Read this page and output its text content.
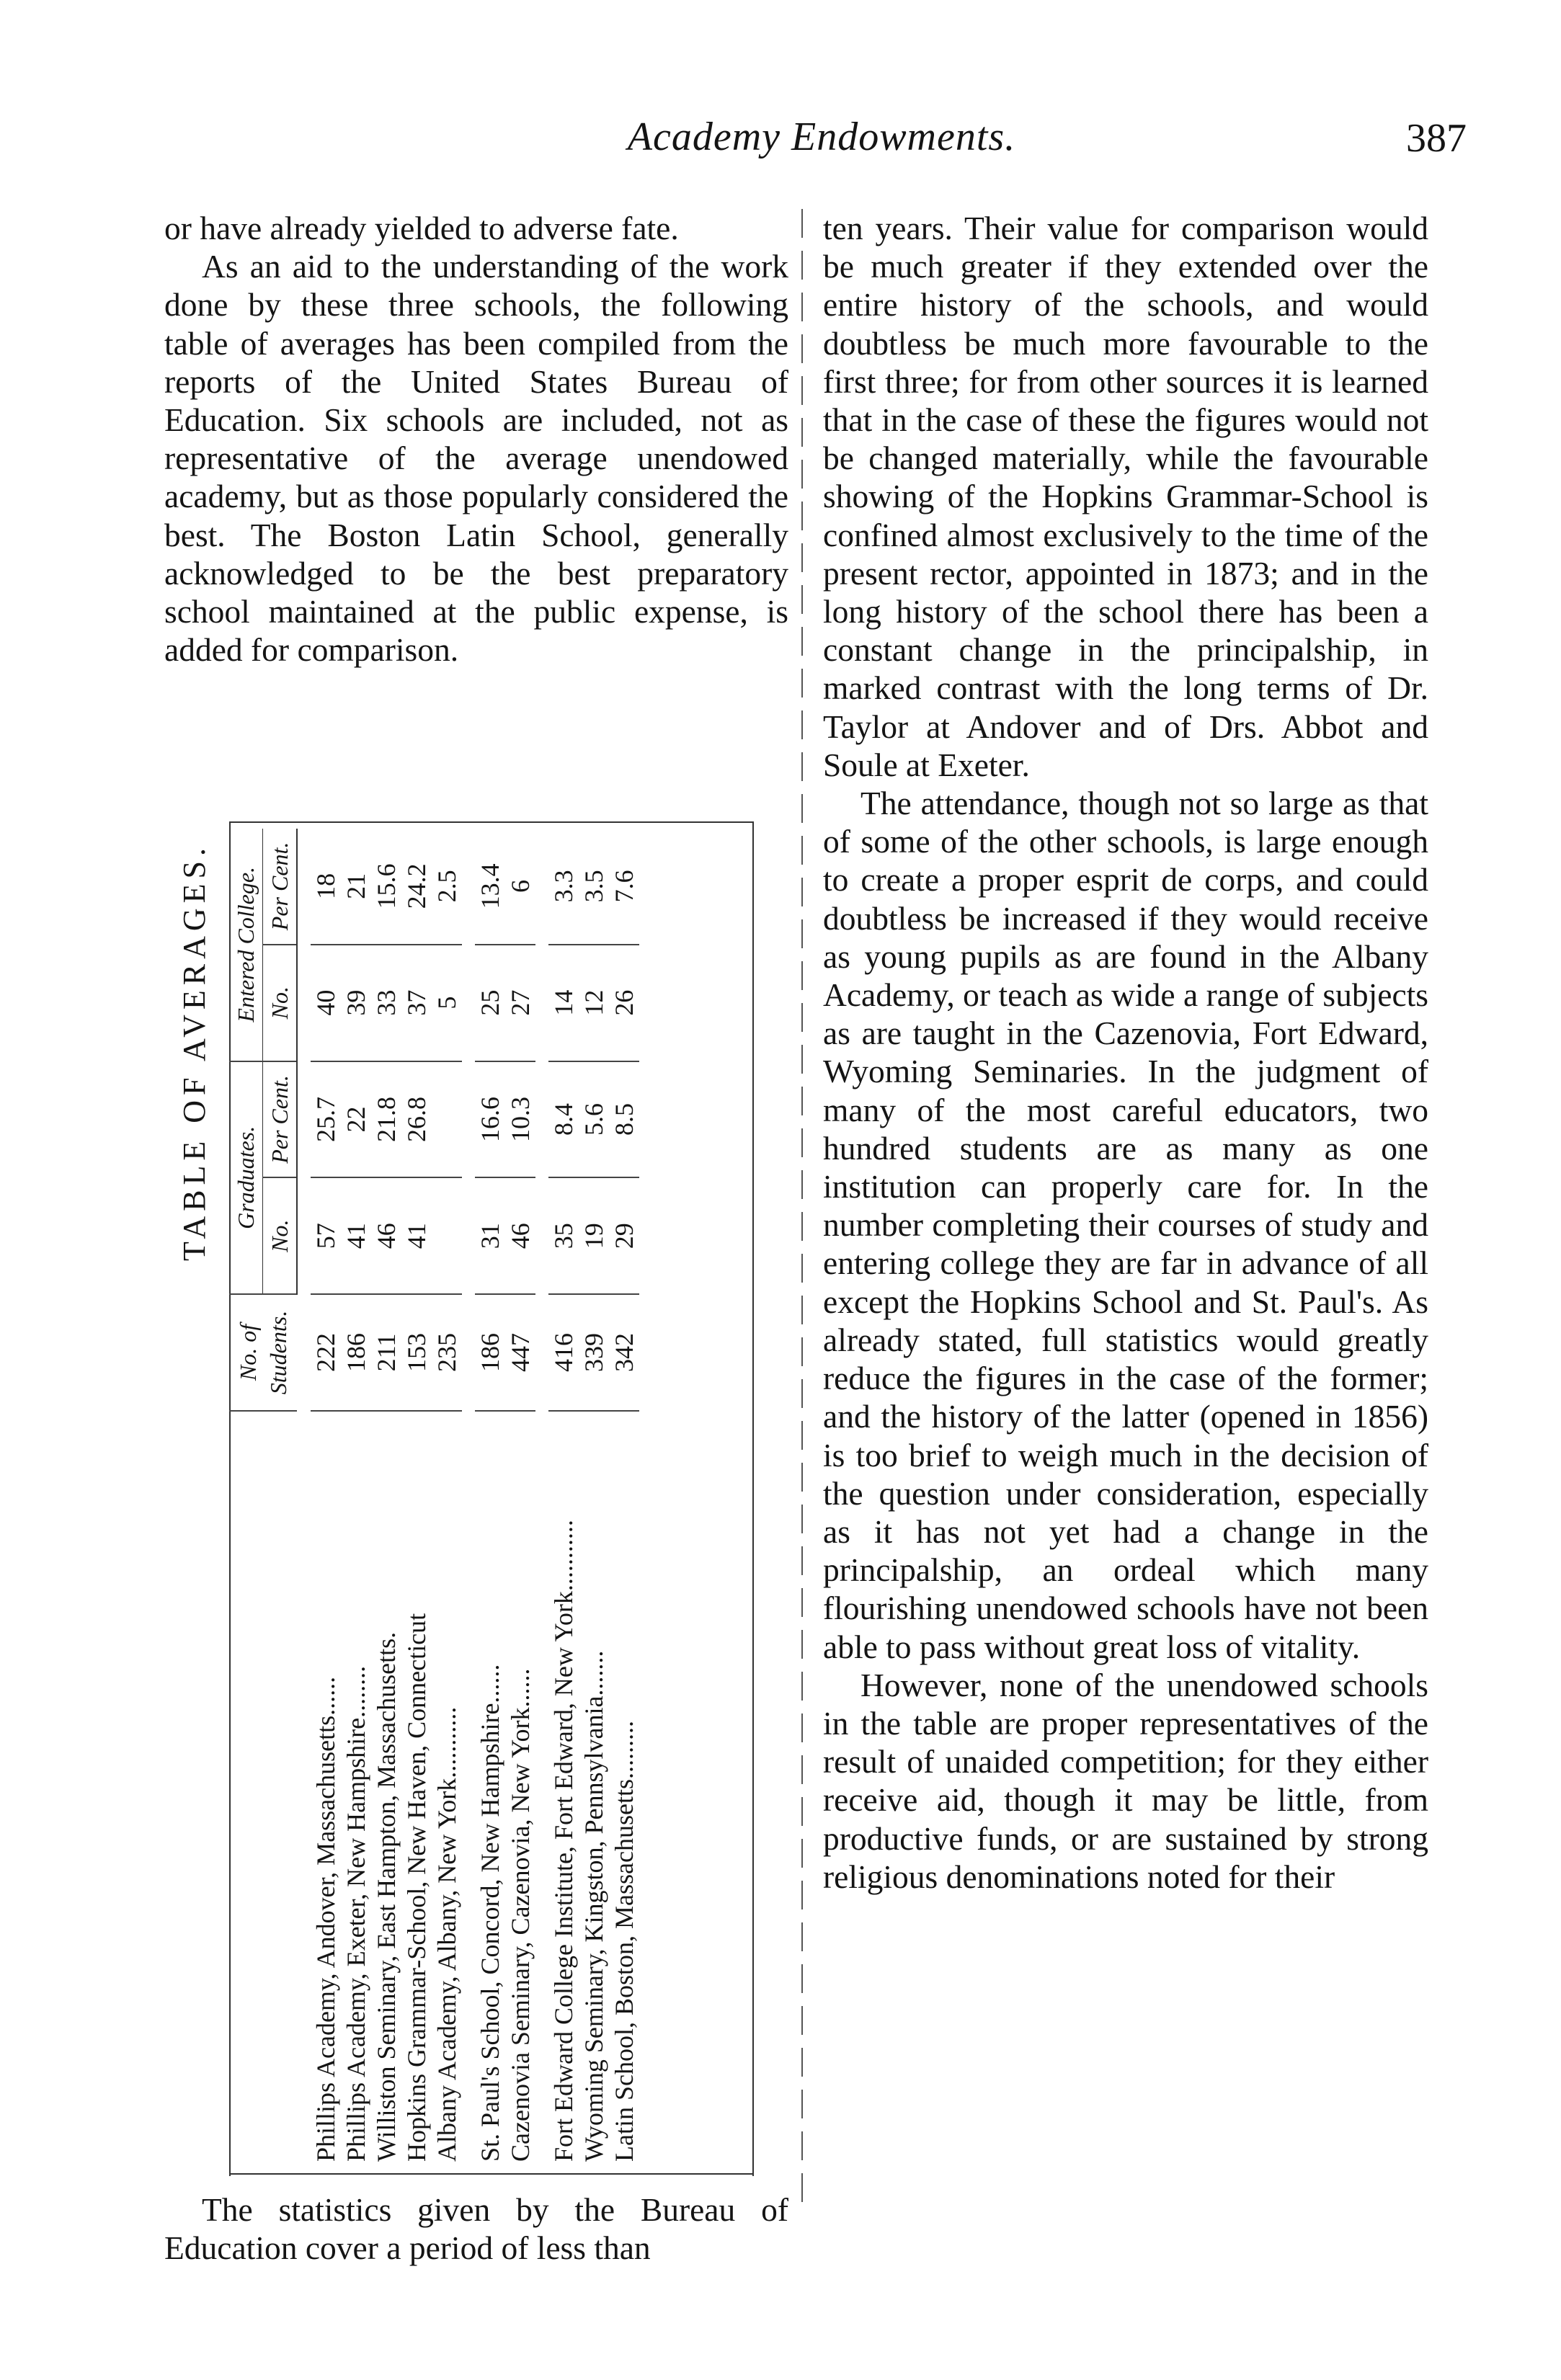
Academy Endowments.	387

or have already yielded to adverse fate.

As an aid to the understanding of the work done by these three schools, the following table of averages has been compiled from the reports of the United States Bureau of Education. Six schools are included, not as representative of the average unendowed academy, but as those popularly considered the best. The Boston Latin School, generally acknowledged to be the best preparatory school maintained at the public expense, is added for comparison.

TABLE OF AVERAGES.
	No. of Students.	Graduates.		Entered College.	
		No.	Per Cent.	No.	Per Cent.

Phillips Academy, Andover, Massachusetts......	222	57	25.7	40	18
Phillips Academy, Exeter, New Hampshire........	186	41	22	39	21
Williston Seminary, East Hampton, Massachusetts.	211	46	21.8	33	15.6
Hopkins Grammar-School, New Haven, Connecticut	153	41	26.8	37	24.2
Albany Academy, Albany, New York...........	235			5	2.5

St. Paul's School, Concord, New Hampshire......	186	31	16.6	25	13.4
Cazenovia Seminary, Cazenovia, New York......	447	46	10.3	27	6

Fort Edward College Institute, Fort Edward, New York...........	416	35	8.4	14	3.3
Wyoming Seminary, Kingston, Pennsylvania.......	339	19	5.6	12	3.5
Latin School, Boston, Massachusetts.........	342	29	8.5	26	7.6

The statistics given by the Bureau of Education cover a period of less than

ten years. Their value for comparison would be much greater if they extended over the entire history of the schools, and would doubtless be much more favourable to the first three; for from other sources it is learned that in the case of these the figures would not be changed materially, while the favourable showing of the Hopkins Grammar-School is confined almost exclusively to the time of the present rector, appointed in 1873; and in the long history of the school there has been a constant change in the principalship, in marked contrast with the long terms of Dr. Taylor at Andover and of Drs. Abbot and Soule at Exeter.

The attendance, though not so large as that of some of the other schools, is large enough to create a proper esprit de corps, and could doubtless be increased if they would receive as young pupils as are found in the Albany Academy, or teach as wide a range of subjects as are taught in the Cazenovia, Fort Edward, Wyoming Seminaries. In the judgment of many of the most careful educators, two hundred students are as many as one institution can properly care for. In the number completing their courses of study and entering college they are far in advance of all except the Hopkins School and St. Paul's. As already stated, full statistics would greatly reduce the figures in the case of the former; and the history of the latter (opened in 1856) is too brief to weigh much in the decision of the question under consideration, especially as it has not yet had a change in the principalship, an ordeal which many flourishing unendowed schools have not been able to pass without great loss of vitality.

However, none of the unendowed schools in the table are proper representatives of the result of unaided competition; for they either receive aid, though it may be little, from productive funds, or are sustained by strong religious denominations noted for their
